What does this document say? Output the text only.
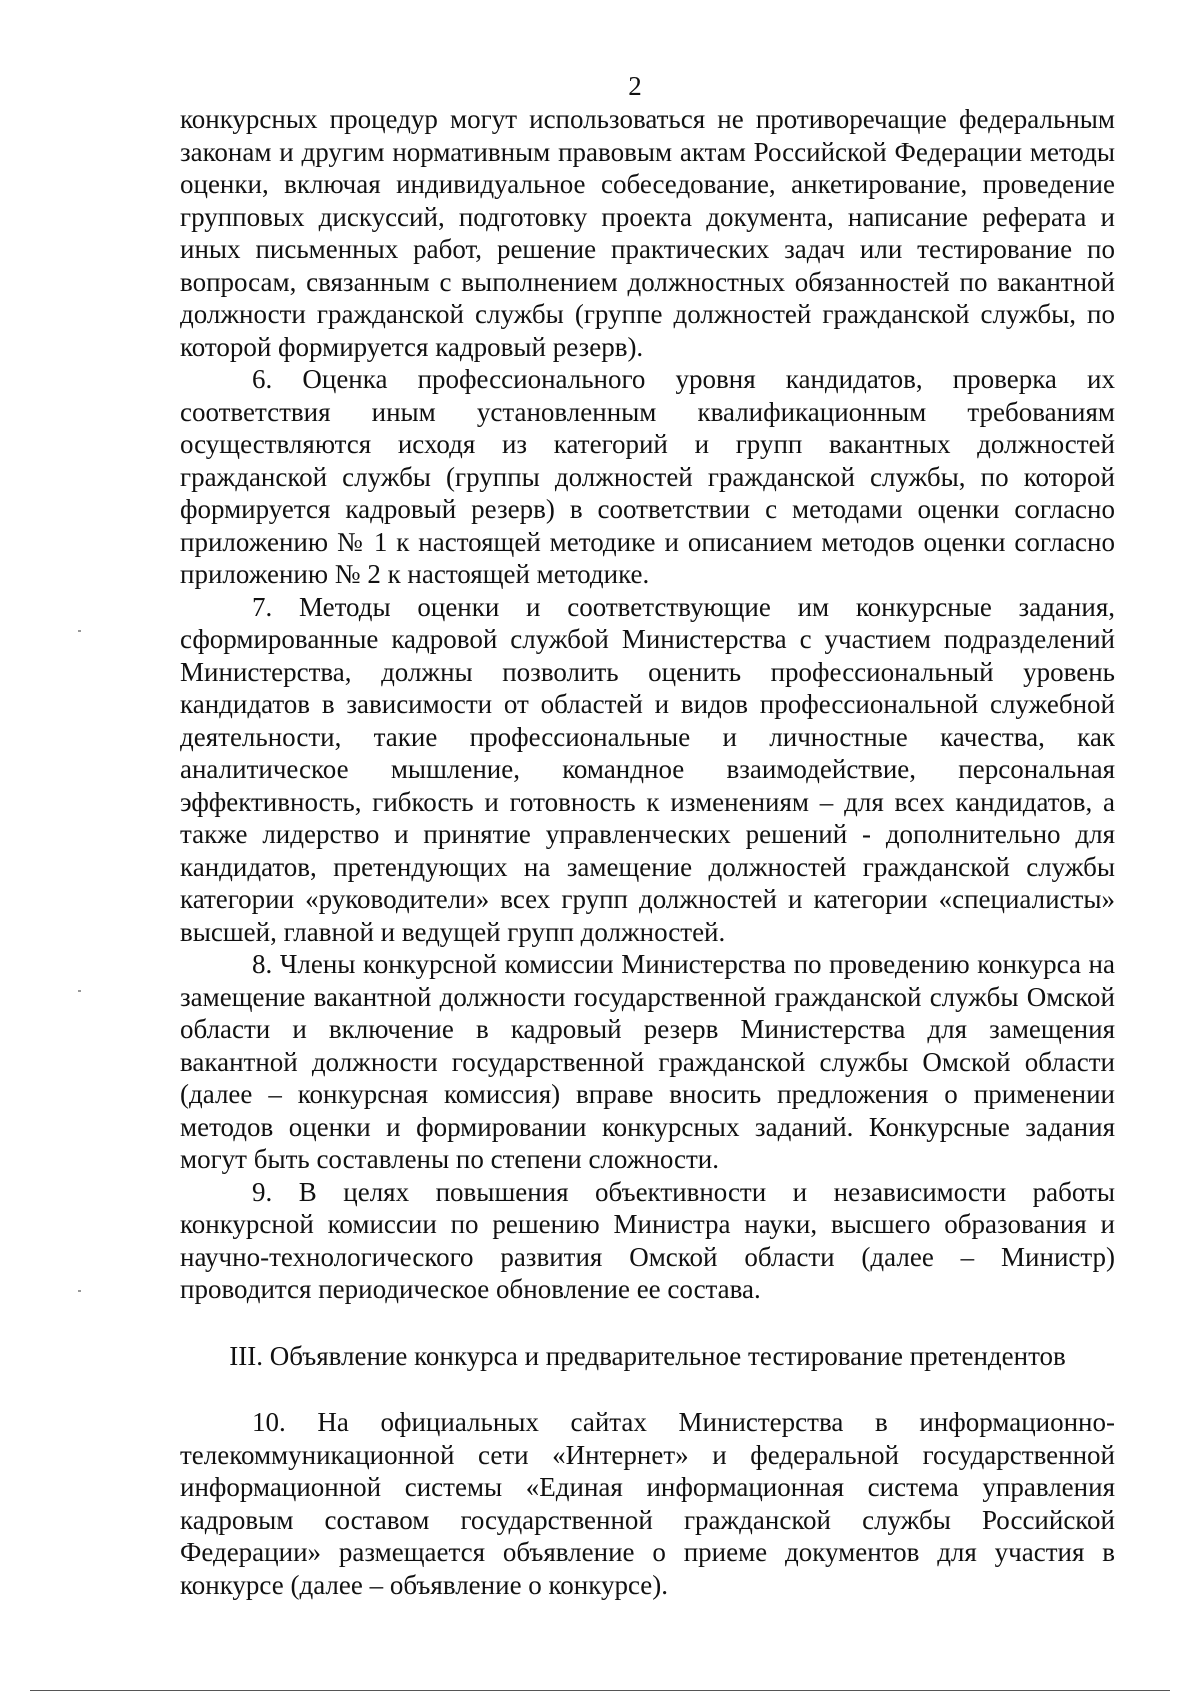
2

конкурсных процедур могут использоваться не противоречащие федеральным законам и другим нормативным правовым актам Российской Федерации методы оценки, включая индивидуальное собеседование, анкетирование, проведение групповых дискуссий, подготовку проекта документа, написание реферата и иных письменных работ, решение практических задач или тестирование по вопросам, связанным с выполнением должностных обязанностей по вакантной должности гражданской службы (группе должностей гражданской службы, по которой формируется кадровый резерв).

6. Оценка профессионального уровня кандидатов, проверка их соответствия иным установленным квалификационным требованиям осуществляются исходя из категорий и групп вакантных должностей гражданской службы (группы должностей гражданской службы, по которой формируется кадровый резерв) в соответствии с методами оценки согласно приложению № 1 к настоящей методике и описанием методов оценки согласно приложению № 2 к настоящей методике.

7. Методы оценки и соответствующие им конкурсные задания, сформированные кадровой службой Министерства с участием подразделений Министерства, должны позволить оценить профессиональный уровень кандидатов в зависимости от областей и видов профессиональной служебной деятельности, такие профессиональные и личностные качества, как аналитическое мышление, командное взаимодействие, персональная эффективность, гибкость и готовность к изменениям – для всех кандидатов, а также лидерство и принятие управленческих решений - дополнительно для кандидатов, претендующих на замещение должностей гражданской службы категории «руководители» всех групп должностей и категории «специалисты» высшей, главной и ведущей групп должностей.

8. Члены конкурсной комиссии Министерства по проведению конкурса на замещение вакантной должности государственной гражданской службы Омской области и включение в кадровый резерв Министерства для замещения вакантной должности государственной гражданской службы Омской области (далее – конкурсная комиссия) вправе вносить предложения о применении методов оценки и формировании конкурсных заданий. Конкурсные задания могут быть составлены по степени сложности.

9. В целях повышения объективности и независимости работы конкурсной комиссии по решению Министра науки, высшего образования и научно-технологического развития Омской области (далее – Министр) проводится периодическое обновление ее состава.

III. Объявление конкурса и предварительное тестирование претендентов

10. На официальных сайтах Министерства в информационно-телекоммуникационной сети «Интернет» и федеральной государственной информационной системы «Единая информационная система управления кадровым составом государственной гражданской службы Российской Федерации» размещается объявление о приеме документов для участия в конкурсе (далее – объявление о конкурсе).
